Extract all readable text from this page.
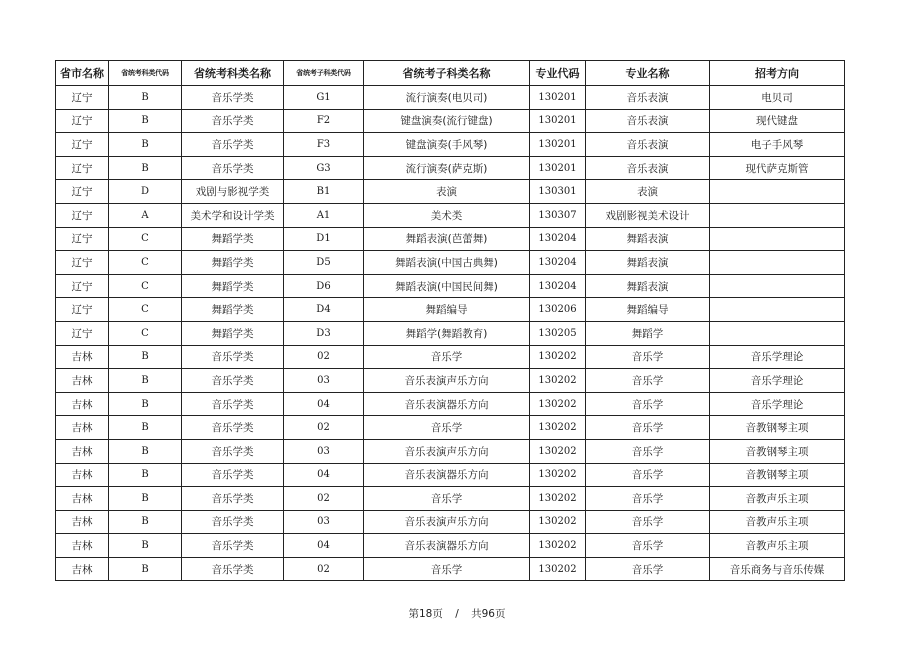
省市名称	省统考科类代码	省统考科类名称	省统考子科类代码	省统考子科类名称	专业代码	专业名称	招考方向
辽宁	B	音乐学类	G1	流行演奏(电贝司)	130201	音乐表演	电贝司
辽宁	B	音乐学类	F2	键盘演奏(流行键盘)	130201	音乐表演	现代键盘
辽宁	B	音乐学类	F3	键盘演奏(手风琴)	130201	音乐表演	电子手风琴
辽宁	B	音乐学类	G3	流行演奏(萨克斯)	130201	音乐表演	现代萨克斯管
辽宁	D	戏剧与影视学类	B1	表演	130301	表演	
辽宁	A	美术学和设计学类	A1	美术类	130307	戏剧影视美术设计	
辽宁	C	舞蹈学类	D1	舞蹈表演(芭蕾舞)	130204	舞蹈表演	
辽宁	C	舞蹈学类	D5	舞蹈表演(中国古典舞)	130204	舞蹈表演	
辽宁	C	舞蹈学类	D6	舞蹈表演(中国民间舞)	130204	舞蹈表演	
辽宁	C	舞蹈学类	D4	舞蹈编导	130206	舞蹈编导	
辽宁	C	舞蹈学类	D3	舞蹈学(舞蹈教育)	130205	舞蹈学	
吉林	B	音乐学类	02	音乐学	130202	音乐学	音乐学理论
吉林	B	音乐学类	03	音乐表演声乐方向	130202	音乐学	音乐学理论
吉林	B	音乐学类	04	音乐表演器乐方向	130202	音乐学	音乐学理论
吉林	B	音乐学类	02	音乐学	130202	音乐学	音教钢琴主项
吉林	B	音乐学类	03	音乐表演声乐方向	130202	音乐学	音教钢琴主项
吉林	B	音乐学类	04	音乐表演器乐方向	130202	音乐学	音教钢琴主项
吉林	B	音乐学类	02	音乐学	130202	音乐学	音教声乐主项
吉林	B	音乐学类	03	音乐表演声乐方向	130202	音乐学	音教声乐主项
吉林	B	音乐学类	04	音乐表演器乐方向	130202	音乐学	音教声乐主项
吉林	B	音乐学类	02	音乐学	130202	音乐学	音乐商务与音乐传媒
第18页 / 共96页
